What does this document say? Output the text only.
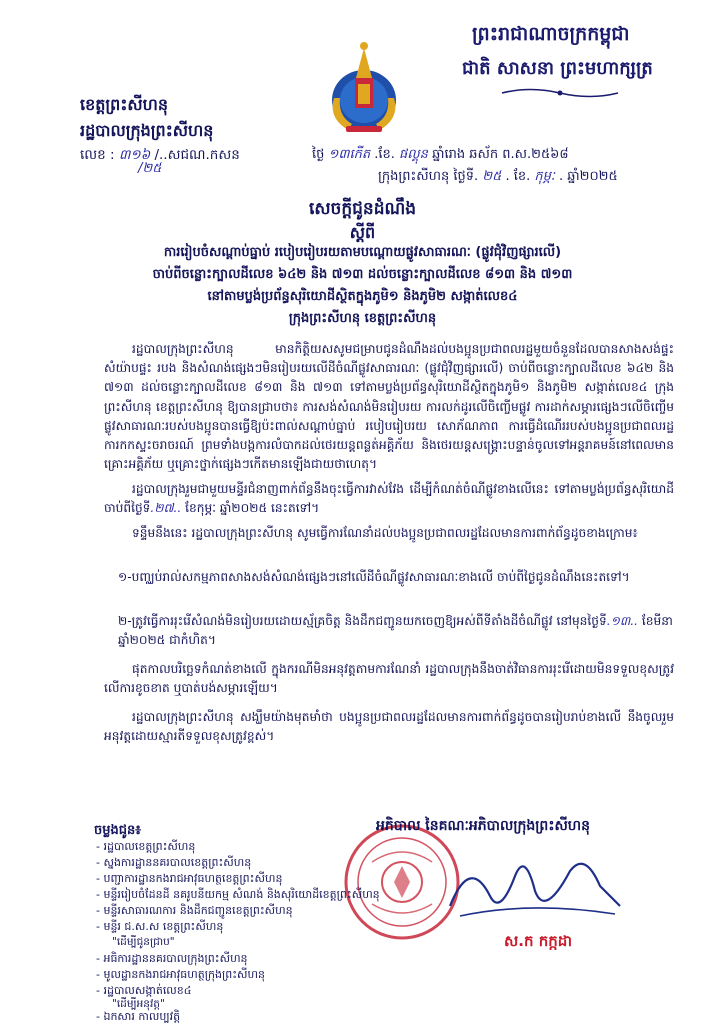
ព្រះរាជាណាចក្រកម្ពុជា
ជាតិ សាសនា ព្រះមហាក្សត្រ
ខេត្តព្រះសីហនុ
រដ្ឋបាលក្រុងព្រះសីហនុ
លេខ : ៣១៦ /..សជណ.កសន
/២៥
ថ្ងៃ ១៣កើត .ខែ. ផល្គុន ឆ្នាំរោង ឆស័ក ព.ស.២៥៦៨
ក្រុងព្រះសីហនុ ថ្ងៃទី. ២៥ . ខែ. កុម្ភៈ . ឆ្នាំ២០២៥
សេចក្ដីជូនដំណឹង
ស្ដីពី
ការរៀបចំសណ្ដាប់ធ្នាប់ របៀបរៀបរយតាមបណ្ដោយផ្លូវសាធារណៈ (ផ្លូវជុំវិញផ្សារលើ)
ចាប់ពីចន្លោះក្បាលដីលេខ ៦៤២ និង ៧១៣ ដល់ចន្លោះក្បាលដីលេខ ៨១៣ និង ៧១៣
នៅតាមប្លង់ប្រព័ន្ធសុរិយោដីស្ថិតក្នុងភូមិ១ និងភូមិ២ សង្កាត់លេខ៤
ក្រុងព្រះសីហនុ ខេត្តព្រះសីហនុ
រដ្ឋបាលក្រុងព្រះសីហនុ មានកិត្តិយសសូមជម្រាបជូនដំណឹងដល់បងប្អូនប្រជាពលរដ្ឋមួយចំនួនដែលបានសាងសង់ផ្ទះ សំយ៉ាបផ្ទះ របង និងសំណង់ផ្សេងៗមិនរៀបរយលើដីចំណីផ្លូវសាធារណៈ (ផ្លូវជុំវិញផ្សារលើ) ចាប់ពីចន្លោះក្បាលដីលេខ ៦៤២ និង ៧១៣ ដល់ចន្លោះក្បាលដីលេខ ៨១៣ និង ៧១៣ ទៅតាមប្លង់ប្រព័ន្ធសុរិយោដីស្ថិតក្នុងភូមិ១ និងភូមិ២ សង្កាត់លេខ៤ ក្រុងព្រះសីហនុ ខេត្តព្រះសីហនុ ឱ្យបានជ្រាបថា៖ ការសង់សំណង់មិនរៀបរយ ការលក់ដូរលើចិញ្ចើមផ្លូវ ការដាក់សម្ភារផ្សេងៗលើចិញ្ចើមផ្លូវសាធារណៈរបស់បងប្អូនបានធ្វើឱ្យប៉ះពាល់សណ្ដាប់ធ្នាប់ របៀបរៀបរយ សោភ័ណភាព ការធ្វើដំណើររបស់បងប្អូនប្រជាពលរដ្ឋ ការកកស្ទះចរាចរណ៍ ព្រមទាំងបង្កការលំបាកដល់ថេរយន្តពន្លត់អគ្គិភ័យ និងថេរយន្តសង្គ្រោះបន្ទាន់ចូលទៅអន្តរាគមន៍នៅពេលមានគ្រោះអគ្គិភ័យ ឬគ្រោះថ្នាក់ផ្សេងៗកើតមានឡើងជាយថាហេតុ។
រដ្ឋបាលក្រុងរួមជាមួយមន្ទីរជំនាញពាក់ព័ន្ធនឹងចុះធ្វើការវាស់វែង ដើម្បីកំណត់ចំណីផ្លូវខាងលើនេះ ទៅតាមប្លង់ប្រព័ន្ធសុរិយោដីចាប់ពីថ្ងៃទី.២៧.. ខែកុម្ភៈ ឆ្នាំ២០២៥ នេះតទៅ។
ទន្ទឹមនឹងនេះ រដ្ឋបាលក្រុងព្រះសីហនុ សូមធ្វើការណែនាំដល់បងប្អូនប្រជាពលរដ្ឋដែលមានការពាក់ព័ន្ធដូចខាងក្រោម៖
១-បញ្ឈប់រាល់សកម្មភាពសាងសង់សំណង់ផ្សេងៗនៅលើដីចំណីផ្លូវសាធារណៈខាងលើ ចាប់ពីថ្ងៃជូនដំណឹងនេះតទៅ។
២-ត្រូវធ្វើការរុះរើសំណង់មិនរៀបរយដោយស្ម័គ្រចិត្ត និងដឹកជញ្ជូនយកចេញឱ្យអស់ពីទីតាំងដីចំណីផ្លូវ នៅមុនថ្ងៃទី.១៣.. ខែមីនា ឆ្នាំ២០២៥ ជាកំហិត។
ផុតកាលបរិច្ឆេទកំណត់ខាងលើ ក្នុងករណីមិនអនុវត្តតាមការណែនាំ រដ្ឋបាលក្រុងនឹងចាត់វិធានការរុះរើដោយមិនទទួលខុសត្រូវលើការខូចខាត ឬបាត់បង់សម្ភារឡើយ។
រដ្ឋបាលក្រុងព្រះសីហនុ សង្ឃឹមយ៉ាងមុតមាំថា បងប្អូនប្រជាពលរដ្ឋដែលមានការពាក់ព័ន្ធដូចបានរៀបរាប់ខាងលើ នឹងចូលរួមអនុវត្តដោយស្មារតីទទួលខុសត្រូវខ្ពស់។
អភិបាល នៃគណៈអភិបាលក្រុងព្រះសីហនុ
ស.ក កក្កដា
ចម្លងជូន៖
- រដ្ឋបាលខេត្តព្រះសីហនុ
- ស្នងការដ្ឋាននគរបាលខេត្តព្រះសីហនុ
- បញ្ជាការដ្ឋានកងរាជអាវុធហត្ថខេត្តព្រះសីហនុ
- មន្ទីររៀបចំដែនដី នគរូបនីយកម្ម សំណង់ និងសុរិយោដីខេត្តព្រះសីហនុ
- មន្ទីរសាធារណការ និងដឹកជញ្ជូនខេត្តព្រះសីហនុ
- មន្ទីរ ជ.ស.ស ខេត្តព្រះសីហនុ
"ដើម្បីជូនជ្រាប"
- អធិការដ្ឋាននគរបាលក្រុងព្រះសីហនុ
- មូលដ្ឋានកងរាជអាវុធហត្ថក្រុងព្រះសីហនុ
- រដ្ឋបាលសង្កាត់លេខ៤
"ដើម្បីអនុវត្ត"
- ឯកសារ កាលប្បវត្តិ
